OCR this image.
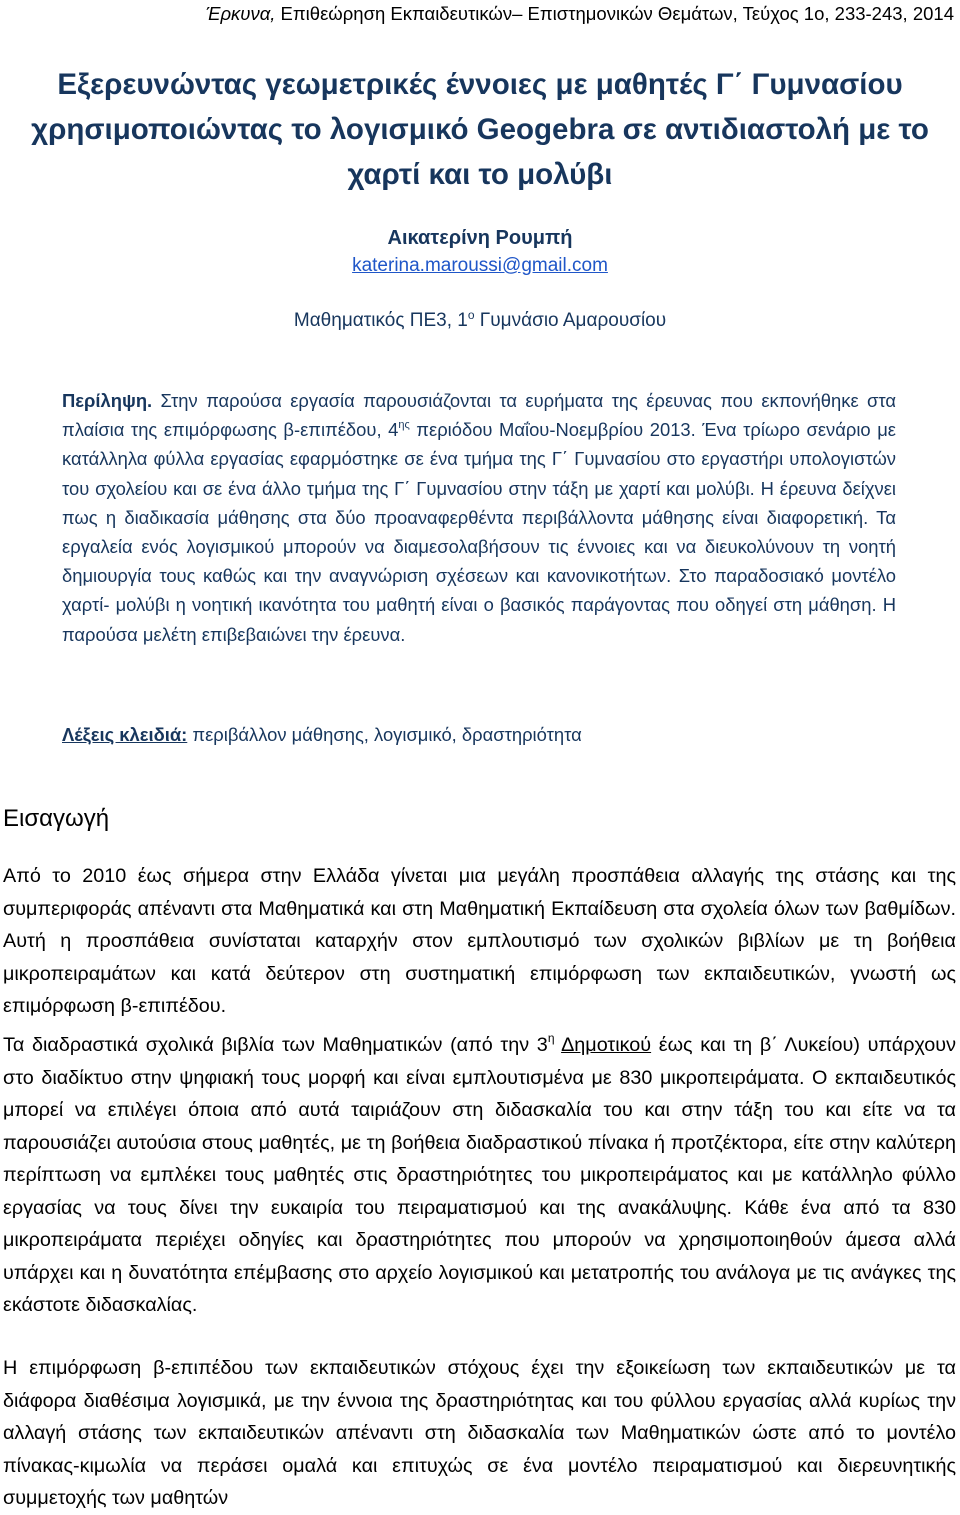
Έρκυνα, Επιθεώρηση Εκπαιδευτικών– Επιστημονικών Θεμάτων, Τεύχος 1ο, 233-243, 2014
Εξερευνώντας γεωμετρικές έννοιες με μαθητές Γ΄ Γυμνασίου χρησιμοποιώντας το λογισμικό Geogebra σε αντιδιαστολή με το χαρτί και το μολύβι
Αικατερίνη Ρουμπή
katerina.maroussi@gmail.com
Μαθηματικός ΠΕ3, $1^o$ Γυμνάσιο Αμαρουσίου

Περίληψη. Στην παρούσα εργασία παρουσιάζονται τα ευρήματα της έρευνας που εκπονήθηκε στα πλαίσια της επιμόρφωσης β-επιπέδου, $4^{\eta\varsigma}$ περιόδου Μαΐου-Νοεμβρίου 2013. Ένα τρίωρο σενάριο με κατάλληλα φύλλα εργασίας εφαρμόστηκε σε ένα τμήμα της Γ΄ Γυμνασίου στο εργαστήρι υπολογιστών του σχολείου και σε ένα άλλο τμήμα της Γ΄ Γυμνασίου στην τάξη με χαρτί και μολύβι. Η έρευνα δείχνει πως η διαδικασία μάθησης στα δύο προαναφερθέντα περιβάλλοντα μάθησης είναι διαφορετική. Τα εργαλεία ενός λογισμικού μπορούν να διαμεσολαβήσουν τις έννοιες και να διευκολύνουν τη νοητή δημιουργία τους καθώς και την αναγνώριση σχέσεων και κανονικοτήτων. Στο παραδοσιακό μοντέλο χαρτί- μολύβι η νοητική ικανότητα του μαθητή είναι ο βασικός παράγοντας που οδηγεί στη μάθηση. Η παρούσα μελέτη επιβεβαιώνει την έρευνα.

Λέξεις κλειδιά: περιβάλλον μάθησης, λογισμικό, δραστηριότητα
Εισαγωγή

Από το 2010 έως σήμερα στην Ελλάδα γίνεται μια μεγάλη προσπάθεια αλλαγής της στάσης και της συμπεριφοράς απέναντι στα Μαθηματικά και στη Μαθηματική Εκπαίδευση στα σχολεία όλων των βαθμίδων. Αυτή η προσπάθεια συνίσταται καταρχήν στον εμπλουτισμό των σχολικών βιβλίων με τη βοήθεια μικροπειραμάτων και κατά δεύτερον στη συστηματική επιμόρφωση των εκπαιδευτικών, γνωστή ως επιμόρφωση β-επιπέδου.

Τα διαδραστικά σχολικά βιβλία των Μαθηματικών (από την $3^\eta$ Δημοτικού έως και τη β΄ Λυκείου) υπάρχουν στο διαδίκτυο στην ψηφιακή τους μορφή και είναι εμπλουτισμένα με 830 μικροπειράματα. Ο εκπαιδευτικός μπορεί να επιλέγει όποια από αυτά ταιριάζουν στη διδασκαλία του και στην τάξη του και είτε να τα παρουσιάζει αυτούσια στους μαθητές, με τη βοήθεια διαδραστικού πίνακα ή προτζέκτορα, είτε στην καλύτερη περίπτωση να εμπλέκει τους μαθητές στις δραστηριότητες του μικροπειράματος και με κατάλληλο φύλλο εργασίας να τους δίνει την ευκαιρία του πειραματισμού και της ανακάλυψης. Κάθε ένα από τα 830 μικροπειράματα περιέχει οδηγίες και δραστηριότητες που μπορούν να χρησιμοποιηθούν άμεσα αλλά υπάρχει και η δυνατότητα επέμβασης στο αρχείο λογισμικού και μετατροπής του ανάλογα με τις ανάγκες της εκάστοτε διδασκαλίας.

Η επιμόρφωση β-επιπέδου των εκπαιδευτικών στόχους έχει την εξοικείωση των εκπαιδευτικών με τα διάφορα διαθέσιμα λογισμικά, με την έννοια της δραστηριότητας και του φύλλου εργασίας αλλά κυρίως την αλλαγή στάσης των εκπαιδευτικών απέναντι στη διδασκαλία των Μαθηματικών ώστε από το μοντέλο πίνακας-κιμωλία να περάσει ομαλά και επιτυχώς σε ένα μοντέλο πειραματισμού και διερευνητικής συμμετοχής των μαθητών
